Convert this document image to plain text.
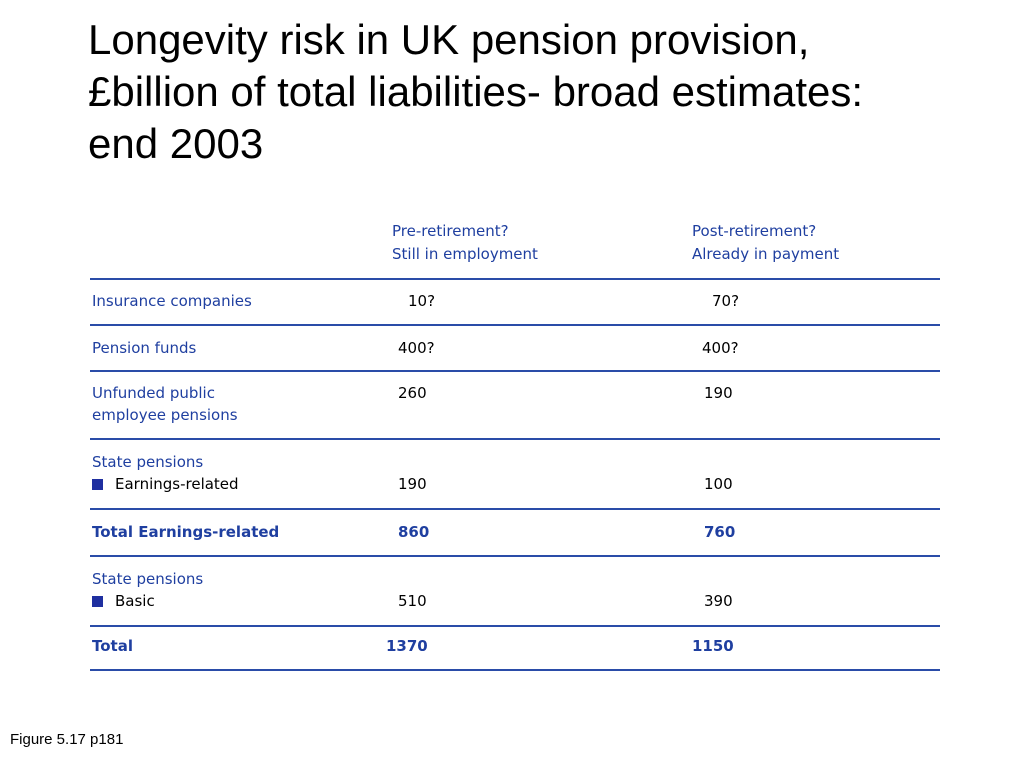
Longevity risk in UK pension provision,
£billion of total liabilities- broad estimates:
end 2003
Pre-retirement?
Still in employment
Post-retirement?
Already in payment
Insurance companies	10?	70?
Pension funds	400?	400?
Unfunded public
employee pensions
260	190
State pensions
Earnings-related	190	100
Total Earnings-related	860	760
State pensions
Basic	510	390
Total	1370	1150
Figure 5.17 p181
